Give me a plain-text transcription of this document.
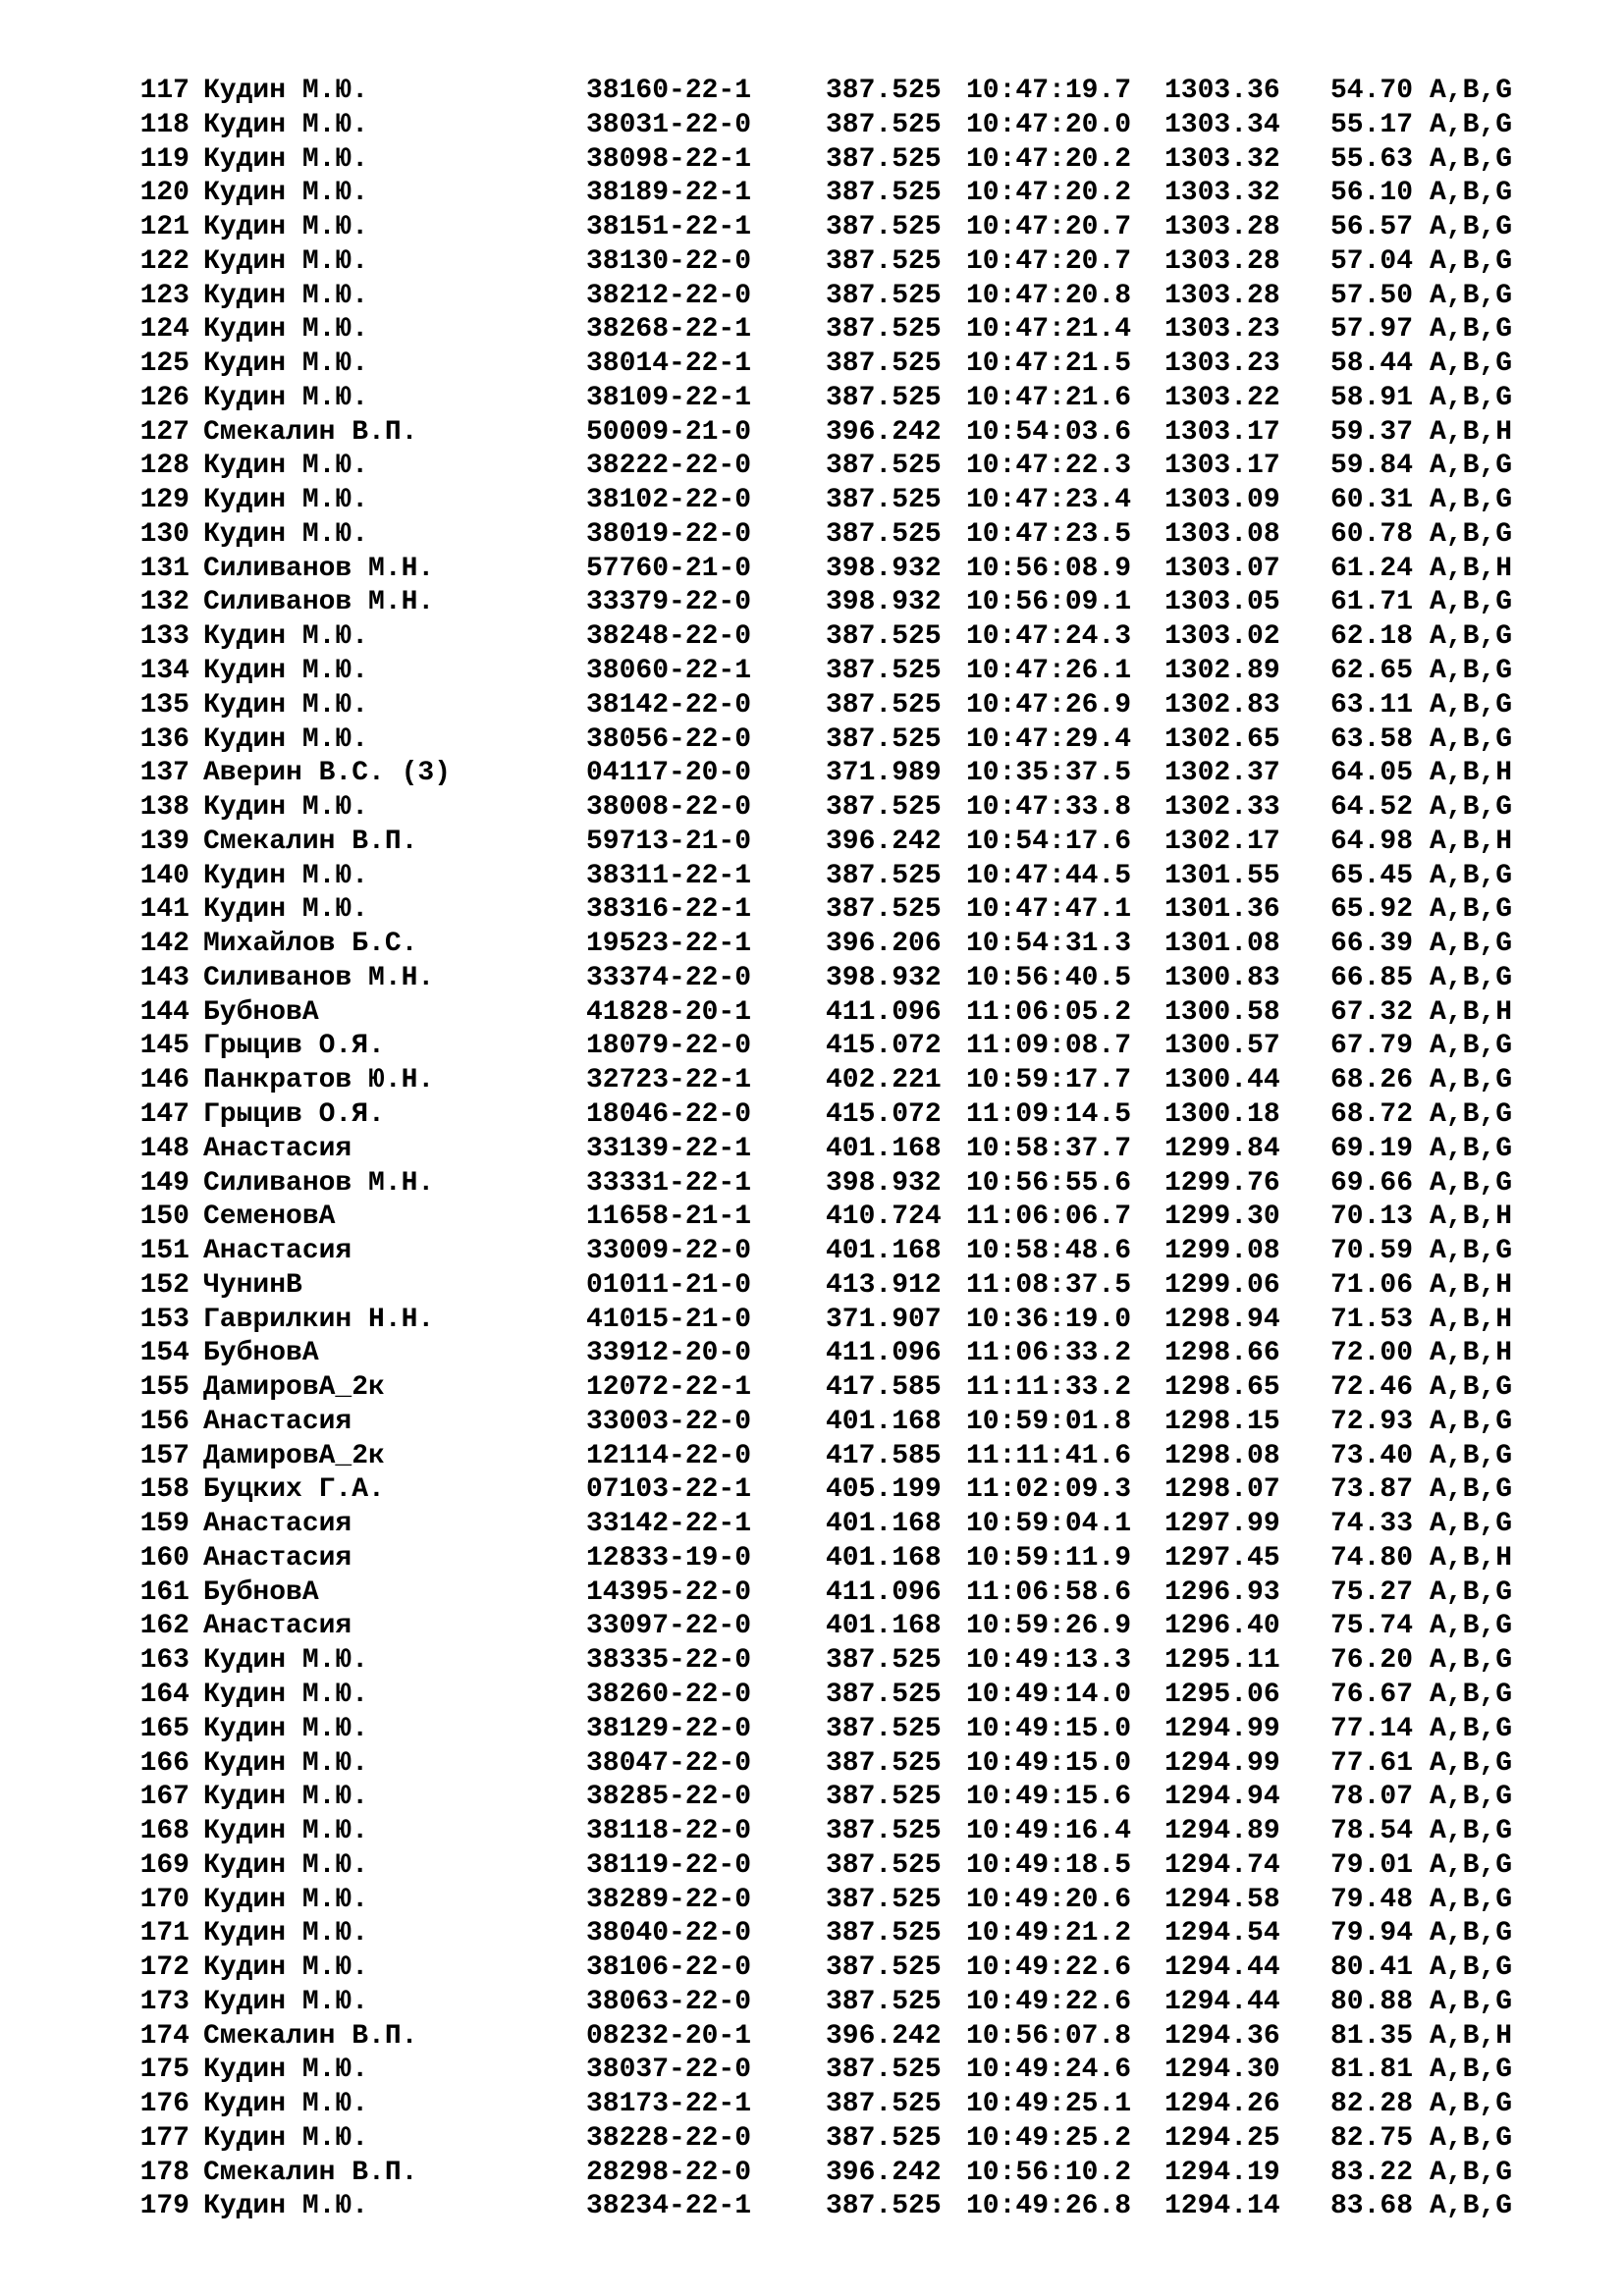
117	Кудин М.Ю.	38160-22-1	387.525	10:47:19.7	1303.36	54.70	A,B,G
118	Кудин М.Ю.	38031-22-0	387.525	10:47:20.0	1303.34	55.17	A,B,G
119	Кудин М.Ю.	38098-22-1	387.525	10:47:20.2	1303.32	55.63	A,B,G
120	Кудин М.Ю.	38189-22-1	387.525	10:47:20.2	1303.32	56.10	A,B,G
121	Кудин М.Ю.	38151-22-1	387.525	10:47:20.7	1303.28	56.57	A,B,G
122	Кудин М.Ю.	38130-22-0	387.525	10:47:20.7	1303.28	57.04	A,B,G
123	Кудин М.Ю.	38212-22-0	387.525	10:47:20.8	1303.28	57.50	A,B,G
124	Кудин М.Ю.	38268-22-1	387.525	10:47:21.4	1303.23	57.97	A,B,G
125	Кудин М.Ю.	38014-22-1	387.525	10:47:21.5	1303.23	58.44	A,B,G
126	Кудин М.Ю.	38109-22-1	387.525	10:47:21.6	1303.22	58.91	A,B,G
127	Смекалин В.П.	50009-21-0	396.242	10:54:03.6	1303.17	59.37	A,B,H
128	Кудин М.Ю.	38222-22-0	387.525	10:47:22.3	1303.17	59.84	A,B,G
129	Кудин М.Ю.	38102-22-0	387.525	10:47:23.4	1303.09	60.31	A,B,G
130	Кудин М.Ю.	38019-22-0	387.525	10:47:23.5	1303.08	60.78	A,B,G
131	Силиванов М.Н.	57760-21-0	398.932	10:56:08.9	1303.07	61.24	A,B,H
132	Силиванов М.Н.	33379-22-0	398.932	10:56:09.1	1303.05	61.71	A,B,G
133	Кудин М.Ю.	38248-22-0	387.525	10:47:24.3	1303.02	62.18	A,B,G
134	Кудин М.Ю.	38060-22-1	387.525	10:47:26.1	1302.89	62.65	A,B,G
135	Кудин М.Ю.	38142-22-0	387.525	10:47:26.9	1302.83	63.11	A,B,G
136	Кудин М.Ю.	38056-22-0	387.525	10:47:29.4	1302.65	63.58	A,B,G
137	Аверин В.С. (3)	04117-20-0	371.989	10:35:37.5	1302.37	64.05	A,B,H
138	Кудин М.Ю.	38008-22-0	387.525	10:47:33.8	1302.33	64.52	A,B,G
139	Смекалин В.П.	59713-21-0	396.242	10:54:17.6	1302.17	64.98	A,B,H
140	Кудин М.Ю.	38311-22-1	387.525	10:47:44.5	1301.55	65.45	A,B,G
141	Кудин М.Ю.	38316-22-1	387.525	10:47:47.1	1301.36	65.92	A,B,G
142	Михайлов Б.С.	19523-22-1	396.206	10:54:31.3	1301.08	66.39	A,B,G
143	Силиванов М.Н.	33374-22-0	398.932	10:56:40.5	1300.83	66.85	A,B,G
144	БубновА	41828-20-1	411.096	11:06:05.2	1300.58	67.32	A,B,H
145	Грыцив О.Я.	18079-22-0	415.072	11:09:08.7	1300.57	67.79	A,B,G
146	Панкратов Ю.Н.	32723-22-1	402.221	10:59:17.7	1300.44	68.26	A,B,G
147	Грыцив О.Я.	18046-22-0	415.072	11:09:14.5	1300.18	68.72	A,B,G
148	Анастасия	33139-22-1	401.168	10:58:37.7	1299.84	69.19	A,B,G
149	Силиванов М.Н.	33331-22-1	398.932	10:56:55.6	1299.76	69.66	A,B,G
150	СеменовА	11658-21-1	410.724	11:06:06.7	1299.30	70.13	A,B,H
151	Анастасия	33009-22-0	401.168	10:58:48.6	1299.08	70.59	A,B,G
152	ЧунинВ	01011-21-0	413.912	11:08:37.5	1299.06	71.06	A,B,H
153	Гаврилкин Н.Н.	41015-21-0	371.907	10:36:19.0	1298.94	71.53	A,B,H
154	БубновА	33912-20-0	411.096	11:06:33.2	1298.66	72.00	A,B,H
155	ДамировА_2к	12072-22-1	417.585	11:11:33.2	1298.65	72.46	A,B,G
156	Анастасия	33003-22-0	401.168	10:59:01.8	1298.15	72.93	A,B,G
157	ДамировА_2к	12114-22-0	417.585	11:11:41.6	1298.08	73.40	A,B,G
158	Буцких Г.А.	07103-22-1	405.199	11:02:09.3	1298.07	73.87	A,B,G
159	Анастасия	33142-22-1	401.168	10:59:04.1	1297.99	74.33	A,B,G
160	Анастасия	12833-19-0	401.168	10:59:11.9	1297.45	74.80	A,B,H
161	БубновА	14395-22-0	411.096	11:06:58.6	1296.93	75.27	A,B,G
162	Анастасия	33097-22-0	401.168	10:59:26.9	1296.40	75.74	A,B,G
163	Кудин М.Ю.	38335-22-0	387.525	10:49:13.3	1295.11	76.20	A,B,G
164	Кудин М.Ю.	38260-22-0	387.525	10:49:14.0	1295.06	76.67	A,B,G
165	Кудин М.Ю.	38129-22-0	387.525	10:49:15.0	1294.99	77.14	A,B,G
166	Кудин М.Ю.	38047-22-0	387.525	10:49:15.0	1294.99	77.61	A,B,G
167	Кудин М.Ю.	38285-22-0	387.525	10:49:15.6	1294.94	78.07	A,B,G
168	Кудин М.Ю.	38118-22-0	387.525	10:49:16.4	1294.89	78.54	A,B,G
169	Кудин М.Ю.	38119-22-0	387.525	10:49:18.5	1294.74	79.01	A,B,G
170	Кудин М.Ю.	38289-22-0	387.525	10:49:20.6	1294.58	79.48	A,B,G
171	Кудин М.Ю.	38040-22-0	387.525	10:49:21.2	1294.54	79.94	A,B,G
172	Кудин М.Ю.	38106-22-0	387.525	10:49:22.6	1294.44	80.41	A,B,G
173	Кудин М.Ю.	38063-22-0	387.525	10:49:22.6	1294.44	80.88	A,B,G
174	Смекалин В.П.	08232-20-1	396.242	10:56:07.8	1294.36	81.35	A,B,H
175	Кудин М.Ю.	38037-22-0	387.525	10:49:24.6	1294.30	81.81	A,B,G
176	Кудин М.Ю.	38173-22-1	387.525	10:49:25.1	1294.26	82.28	A,B,G
177	Кудин М.Ю.	38228-22-0	387.525	10:49:25.2	1294.25	82.75	A,B,G
178	Смекалин В.П.	28298-22-0	396.242	10:56:10.2	1294.19	83.22	A,B,G
179	Кудин М.Ю.	38234-22-1	387.525	10:49:26.8	1294.14	83.68	A,B,G
